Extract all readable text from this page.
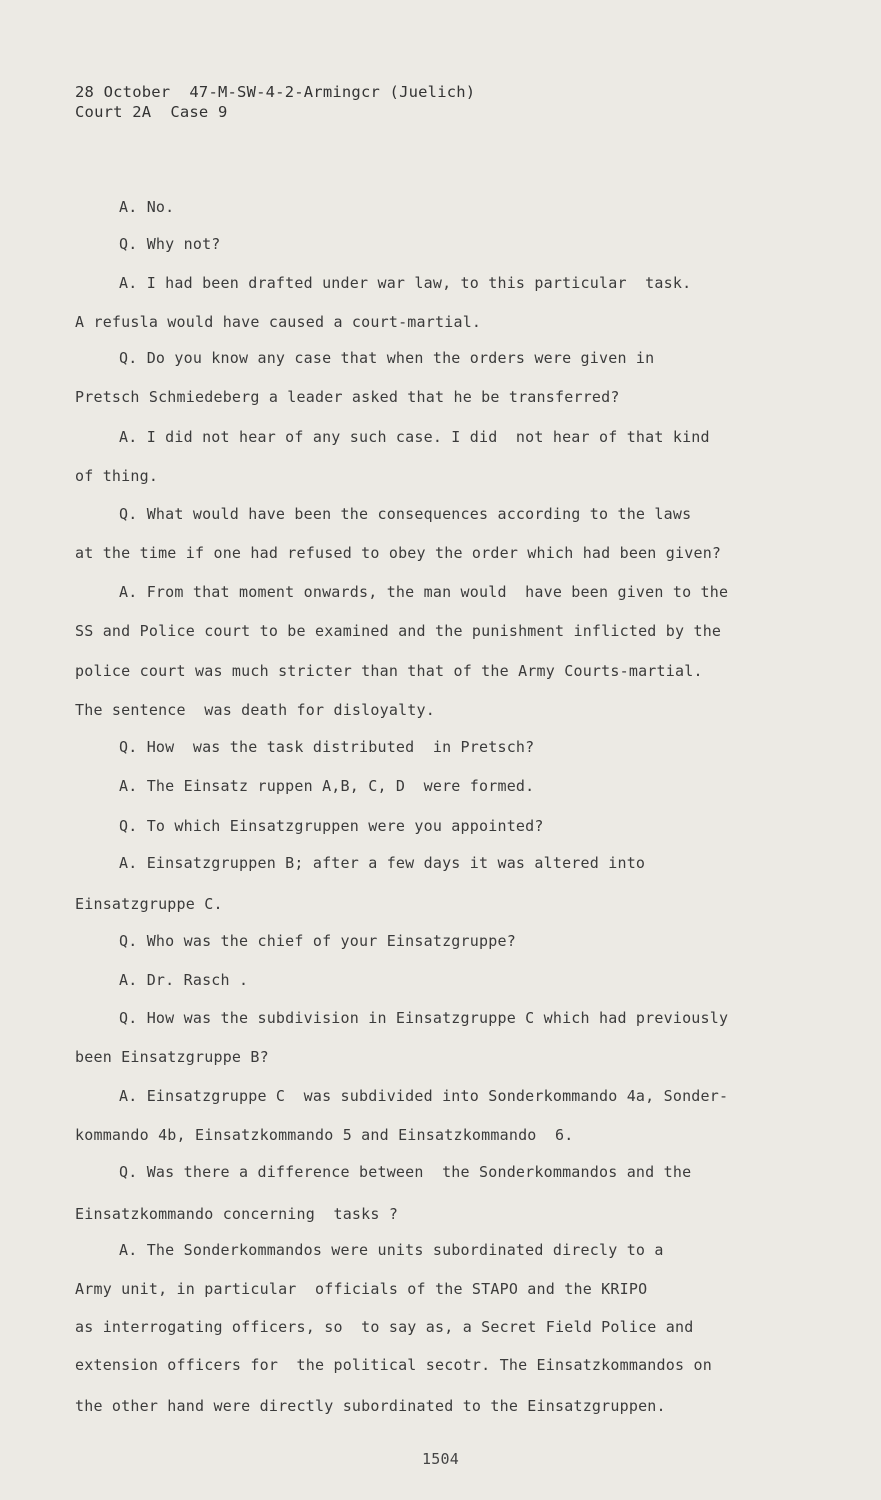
28 October  47-M-SW-4-2-Armingcr (Juelich)
Court 2A  Case 9
A. No.
Q. Why not?
A. I had been drafted under war law, to this particular  task.
A refusla would have caused a court-martial.
Q. Do you know any case that when the orders were given in
Pretsch Schmiedeberg a leader asked that he be transferred?
A. I did not hear of any such case. I did  not hear of that kind
of thing.
Q. What would have been the consequences according to the laws
at the time if one had refused to obey the order which had been given?
A. From that moment onwards, the man would  have been given to the
SS and Police court to be examined and the punishment inflicted by the
police court was much stricter than that of the Army Courts-martial.
The sentence  was death for disloyalty.
Q. How  was the task distributed  in Pretsch?
A. The Einsatz ruppen A,B, C, D  were formed.
Q. To which Einsatzgruppen were you appointed?
A. Einsatzgruppen B; after a few days it was altered into
Einsatzgruppe C.
Q. Who was the chief of your Einsatzgruppe?
A. Dr. Rasch .
Q. How was the subdivision in Einsatzgruppe C which had previously
been Einsatzgruppe B?
A. Einsatzgruppe C  was subdivided into Sonderkommando 4a, Sonder-
kommando 4b, Einsatzkommando 5 and Einsatzkommando  6.
Q. Was there a difference between  the Sonderkommandos and the
Einsatzkommando concerning  tasks ?
A. The Sonderkommandos were units subordinated direcly to a
Army unit, in particular  officials of the STAPO and the KRIPO
as interrogating officers, so  to say as, a Secret Field Police and
extension officers for  the political secotr. The Einsatzkommandos on
the other hand were directly subordinated to the Einsatzgruppen.
1504
